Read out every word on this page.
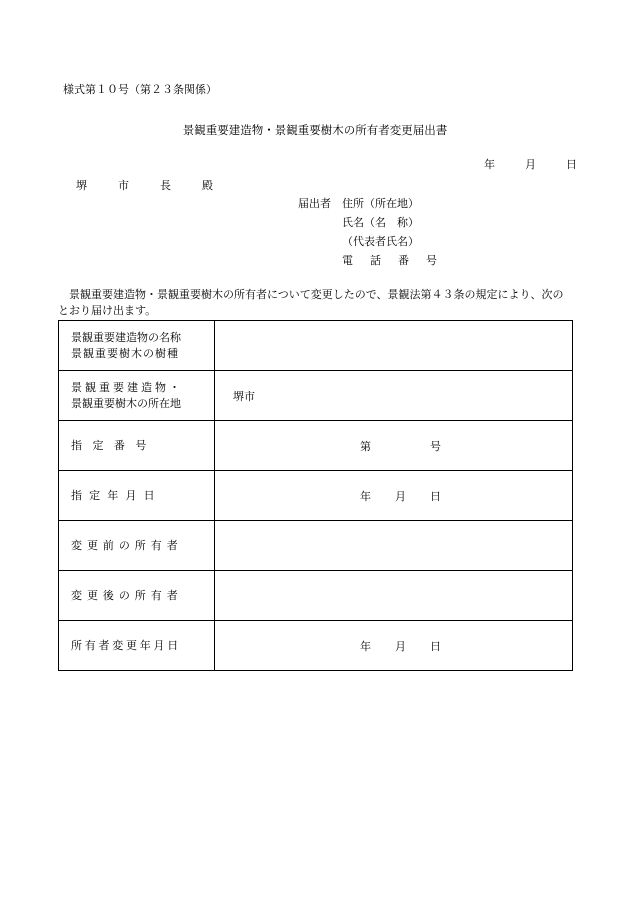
様式第１０号（第２３条関係）
景観重要建造物・景観重要樹木の所有者変更届出書
年	月	日
堺　市　長　殿
届出者　住所（所在地）
氏名（名　称）
（代表者氏名）
電　話　番　号
景観重要建造物・景観重要樹木の所有者について変更したので、景観法第４３条の規定により、次のとおり届け出ます。
景観重要建造物の名称
景観重要樹木の樹種	

景観重要建造物・
景観重要樹木の所在地	堺市
指定番号	第 号

指定年月日	年 月 日

変更前の所有者	
変更後の所有者	
所有者変更年月日	年 月 日
